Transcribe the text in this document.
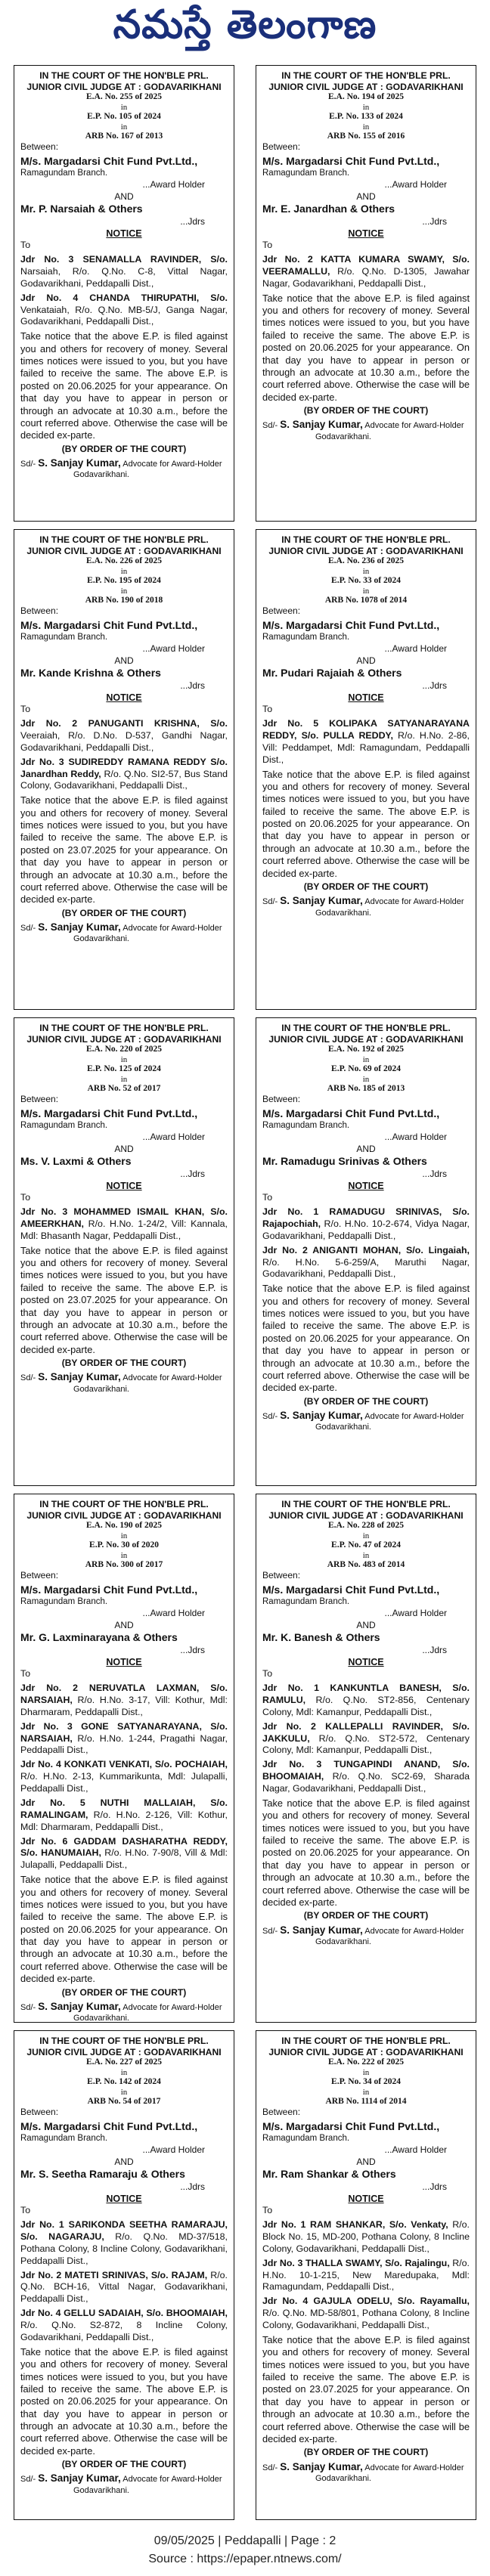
నమస్తే తెలంగాణ
IN THE COURT OF THE HON'BLE PRL.
JUNIOR CIVIL JUDGE AT : GODAVARIKHANI
E.A. No. 255 of 2025
in
E.P. No. 105 of 2024
in
ARB No. 167 of 2013
Between:
M/s. Margadarsi Chit Fund Pvt.Ltd.,
Ramagundam Branch.
...Award Holder
AND
Mr. P. Narsaiah & Others
...Jdrs
NOTICE
To
Jdr No. 3 SENAMALLA RAVINDER, S/o. Narsaiah, R/o. Q.No. C-8, Vittal Nagar, Godavarikhani, Peddapalli Dist.,
Jdr No. 4 CHANDA THIRUPATHI, S/o. Venkataiah, R/o. Q.No. MB-5/J, Ganga Nagar, Godavarikhani, Peddapalli Dist.,
Take notice that the above E.P. is filed against you and others for recovery of money. Several times notices were issued to you, but you have failed to receive the same. The above E.P. is posted on 20.06.2025 for your appearance. On that day you have to appear in person or through an advocate at 10.30 a.m., before the court referred above. Otherwise the case will be decided ex-parte.
(BY ORDER OF THE COURT)
Sd/- S. Sanjay Kumar, Advocate for Award-Holder
Godavarikhani.
IN THE COURT OF THE HON'BLE PRL.
JUNIOR CIVIL JUDGE AT : GODAVARIKHANI
E.A. No. 194 of 2025
in
E.P. No. 133 of 2024
in
ARB No. 155 of 2016
Between:
M/s. Margadarsi Chit Fund Pvt.Ltd.,
Ramagundam Branch.
...Award Holder
AND
Mr. E. Janardhan & Others
...Jdrs
NOTICE
To
Jdr No. 2 KATTA KUMARA SWAMY, S/o. VEERAMALLU, R/o. Q.No. D-1305, Jawahar Nagar, Godavarikhani, Peddapalli Dist.,
Take notice that the above E.P. is filed against you and others for recovery of money. Several times notices were issued to you, but you have failed to receive the same. The above E.P. is posted on 20.06.2025 for your appearance. On that day you have to appear in person or through an advocate at 10.30 a.m., before the court referred above. Otherwise the case will be decided ex-parte.
(BY ORDER OF THE COURT)
Sd/- S. Sanjay Kumar, Advocate for Award-Holder
Godavarikhani.
IN THE COURT OF THE HON'BLE PRL.
JUNIOR CIVIL JUDGE AT : GODAVARIKHANI
E.A. No. 226 of 2025
in
E.P. No. 195 of 2024
in
ARB No. 190 of 2018
Between:
M/s. Margadarsi Chit Fund Pvt.Ltd.,
Ramagundam Branch.
...Award Holder
AND
Mr. Kande Krishna & Others
...Jdrs
NOTICE
To
Jdr No. 2 PANUGANTI KRISHNA, S/o. Veeraiah, R/o. D.No. D-537, Gandhi Nagar, Godavarikhani, Peddapalli Dist.,
Jdr No. 3 SUDIREDDY RAMANA REDDY S/o. Janardhan Reddy, R/o. Q.No. SI2-57, Bus Stand Colony, Godavarikhani, Peddapalli Dist.,
Take notice that the above E.P. is filed against you and others for recovery of money. Several times notices were issued to you, but you have failed to receive the same. The above E.P. is posted on 23.07.2025 for your appearance. On that day you have to appear in person or through an advocate at 10.30 a.m., before the court referred above. Otherwise the case will be decided ex-parte.
(BY ORDER OF THE COURT)
Sd/- S. Sanjay Kumar, Advocate for Award-Holder
Godavarikhani.
IN THE COURT OF THE HON'BLE PRL.
JUNIOR CIVIL JUDGE AT : GODAVARIKHANI
E.A. No. 236 of 2025
in
E.P. No. 33 of 2024
in
ARB No. 1078 of 2014
Between:
M/s. Margadarsi Chit Fund Pvt.Ltd.,
Ramagundam Branch.
...Award Holder
AND
Mr. Pudari Rajaiah & Others
...Jdrs
NOTICE
To
Jdr No. 5 KOLIPAKA SATYANARAYANA REDDY, S/o. PULLA REDDY, R/o. H.No. 2-86, Vill: Peddampet, Mdl: Ramagundam, Peddapalli Dist.,
Take notice that the above E.P. is filed against you and others for recovery of money. Several times notices were issued to you, but you have failed to receive the same. The above E.P. is posted on 20.06.2025 for your appearance. On that day you have to appear in person or through an advocate at 10.30 a.m., before the court referred above. Otherwise the case will be decided ex-parte.
(BY ORDER OF THE COURT)
Sd/- S. Sanjay Kumar, Advocate for Award-Holder
Godavarikhani.
IN THE COURT OF THE HON'BLE PRL.
JUNIOR CIVIL JUDGE AT : GODAVARIKHANI
E.A. No. 220 of 2025
in
E.P. No. 125 of 2024
in
ARB No. 52 of 2017
Between:
M/s. Margadarsi Chit Fund Pvt.Ltd.,
Ramagundam Branch.
...Award Holder
AND
Ms. V. Laxmi & Others
...Jdrs
NOTICE
To
Jdr No. 3 MOHAMMED ISMAIL KHAN, S/o. AMEERKHAN, R/o. H.No. 1-24/2, Vill: Kannala, Mdl: Bhasanth Nagar, Peddapalli Dist.,
Take notice that the above E.P. is filed against you and others for recovery of money. Several times notices were issued to you, but you have failed to receive the same. The above E.P. is posted on 23.07.2025 for your appearance. On that day you have to appear in person or through an advocate at 10.30 a.m., before the court referred above. Otherwise the case will be decided ex-parte.
(BY ORDER OF THE COURT)
Sd/- S. Sanjay Kumar, Advocate for Award-Holder
Godavarikhani.
IN THE COURT OF THE HON'BLE PRL.
JUNIOR CIVIL JUDGE AT : GODAVARIKHANI
E.A. No. 192 of 2025
in
E.P. No. 69 of 2024
in
ARB No. 185 of 2013
Between:
M/s. Margadarsi Chit Fund Pvt.Ltd.,
Ramagundam Branch.
...Award Holder
AND
Mr. Ramadugu Srinivas & Others
...Jdrs
NOTICE
To
Jdr No. 1 RAMADUGU SRINIVAS, S/o. Rajapochiah, R/o. H.No. 10-2-674, Vidya Nagar, Godavarikhani, Peddapalli Dist.,
Jdr No. 2 ANIGANTI MOHAN, S/o. Lingaiah, R/o. H.No. 5-6-259/A, Maruthi Nagar, Godavarikhani, Peddapalli Dist.,
Take notice that the above E.P. is filed against you and others for recovery of money. Several times notices were issued to you, but you have failed to receive the same. The above E.P. is posted on 20.06.2025 for your appearance. On that day you have to appear in person or through an advocate at 10.30 a.m., before the court referred above. Otherwise the case will be decided ex-parte.
(BY ORDER OF THE COURT)
Sd/- S. Sanjay Kumar, Advocate for Award-Holder
Godavarikhani.
IN THE COURT OF THE HON'BLE PRL.
JUNIOR CIVIL JUDGE AT : GODAVARIKHANI
E.A. No. 190 of 2025
in
E.P. No. 30 of 2020
in
ARB No. 300 of 2017
Between:
M/s. Margadarsi Chit Fund Pvt.Ltd.,
Ramagundam Branch.
...Award Holder
AND
Mr. G. Laxminarayana & Others
...Jdrs
NOTICE
To
Jdr No. 2 NERUVATLA LAXMAN, S/o. NARSAIAH, R/o. H.No. 3-17, Vill: Kothur, Mdl: Dharmaram, Peddapalli Dist.,
Jdr No. 3 GONE SATYANARAYANA, S/o. NARSAIAH, R/o. H.No. 1-244, Pragathi Nagar, Peddapalli Dist.,
Jdr No. 4 KONKATI VENKATI, S/o. POCHAIAH, R/o. H.No. 2-13, Kummarikunta, Mdl: Julapalli, Peddapalli Dist.,
Jdr No. 5 NUTHI MALLAIAH, S/o. RAMALINGAM, R/o. H.No. 2-126, Vill: Kothur, Mdl: Dharmaram, Peddapalli Dist.,
Jdr No. 6 GADDAM DASHARATHA REDDY, S/o. HANUMAIAH, R/o. H.No. 7-90/8, Vill & Mdl: Julapalli, Peddapalli Dist.,
Take notice that the above E.P. is filed against you and others for recovery of money. Several times notices were issued to you, but you have failed to receive the same. The above E.P. is posted on 20.06.2025 for your appearance. On that day you have to appear in person or through an advocate at 10.30 a.m., before the court referred above. Otherwise the case will be decided ex-parte.
(BY ORDER OF THE COURT)
Sd/- S. Sanjay Kumar, Advocate for Award-Holder
Godavarikhani.
IN THE COURT OF THE HON'BLE PRL.
JUNIOR CIVIL JUDGE AT : GODAVARIKHANI
E.A. No. 228 of 2025
in
E.P. No. 47 of 2024
in
ARB No. 483 of 2014
Between:
M/s. Margadarsi Chit Fund Pvt.Ltd.,
Ramagundam Branch.
...Award Holder
AND
Mr. K. Banesh & Others
...Jdrs
NOTICE
To
Jdr No. 1 KANKUNTLA BANESH, S/o. RAMULU, R/o. Q.No. ST2-856, Centenary Colony, Mdl: Kamanpur, Peddapalli Dist.,
Jdr No. 2 KALLEPALLI RAVINDER, S/o. JAKKULU, R/o. Q.No. ST2-572, Centenary Colony, Mdl: Kamanpur, Peddapalli Dist.,
Jdr No. 3 TUNGAPINDI ANAND, S/o. BHOOMAIAH, R/o. Q.No. SC2-69, Sharada Nagar, Godavarikhani, Peddapalli Dist.,
Take notice that the above E.P. is filed against you and others for recovery of money. Several times notices were issued to you, but you have failed to receive the same. The above E.P. is posted on 20.06.2025 for your appearance. On that day you have to appear in person or through an advocate at 10.30 a.m., before the court referred above. Otherwise the case will be decided ex-parte.
(BY ORDER OF THE COURT)
Sd/- S. Sanjay Kumar, Advocate for Award-Holder
Godavarikhani.
IN THE COURT OF THE HON'BLE PRL.
JUNIOR CIVIL JUDGE AT : GODAVARIKHANI
E.A. No. 227 of 2025
in
E.P. No. 142 of 2024
in
ARB No. 54 of 2017
Between:
M/s. Margadarsi Chit Fund Pvt.Ltd.,
Ramagundam Branch.
...Award Holder
AND
Mr. S. Seetha Ramaraju & Others
...Jdrs
NOTICE
To
Jdr No. 1 SARIKONDA SEETHA RAMARAJU, S/o. NAGARAJU, R/o. Q.No. MD-37/518, Pothana Colony, 8 Incline Colony, Godavarikhani, Peddapalli Dist.,
Jdr No. 2 MATETI SRINIVAS, S/o. RAJAM, R/o. Q.No. BCH-16, Vittal Nagar, Godavarikhani, Peddapalli Dist.,
Jdr No. 4 GELLU SADAIAH, S/o. BHOOMAIAH, R/o. Q.No. S2-872, 8 Incline Colony, Godavarikhani, Peddapalli Dist.,
Take notice that the above E.P. is filed against you and others for recovery of money. Several times notices were issued to you, but you have failed to receive the same. The above E.P. is posted on 20.06.2025 for your appearance. On that day you have to appear in person or through an advocate at 10.30 a.m., before the court referred above. Otherwise the case will be decided ex-parte.
(BY ORDER OF THE COURT)
Sd/- S. Sanjay Kumar, Advocate for Award-Holder
Godavarikhani.
IN THE COURT OF THE HON'BLE PRL.
JUNIOR CIVIL JUDGE AT : GODAVARIKHANI
E.A. No. 222 of 2025
in
E.P. No. 34 of 2024
in
ARB No. 1114 of 2014
Between:
M/s. Margadarsi Chit Fund Pvt.Ltd.,
Ramagundam Branch.
...Award Holder
AND
Mr. Ram Shankar & Others
...Jdrs
NOTICE
To
Jdr No. 1 RAM SHANKAR, S/o. Venkaty, R/o. Block No. 15, MD-200, Pothana Colony, 8 Incline Colony, Godavarikhani, Peddapalli Dist.,
Jdr No. 3 THALLA SWAMY, S/o. Rajalingu, R/o. H.No. 10-1-215, New Maredupaka, Mdl: Ramagundam, Peddapalli Dist.,
Jdr No. 4 GAJULA ODELU, S/o. Rayamallu, R/o. Q.No. MD-58/801, Pothana Colony, 8 Incline Colony, Godavarikhani, Peddapalli Dist.,
Take notice that the above E.P. is filed against you and others for recovery of money. Several times notices were issued to you, but you have failed to receive the same. The above E.P. is posted on 23.07.2025 for your appearance. On that day you have to appear in person or through an advocate at 10.30 a.m., before the court referred above. Otherwise the case will be decided ex-parte.
(BY ORDER OF THE COURT)
Sd/- S. Sanjay Kumar, Advocate for Award-Holder
Godavarikhani.
09/05/2025 | Peddapalli | Page : 2
Source : https://epaper.ntnews.com/
